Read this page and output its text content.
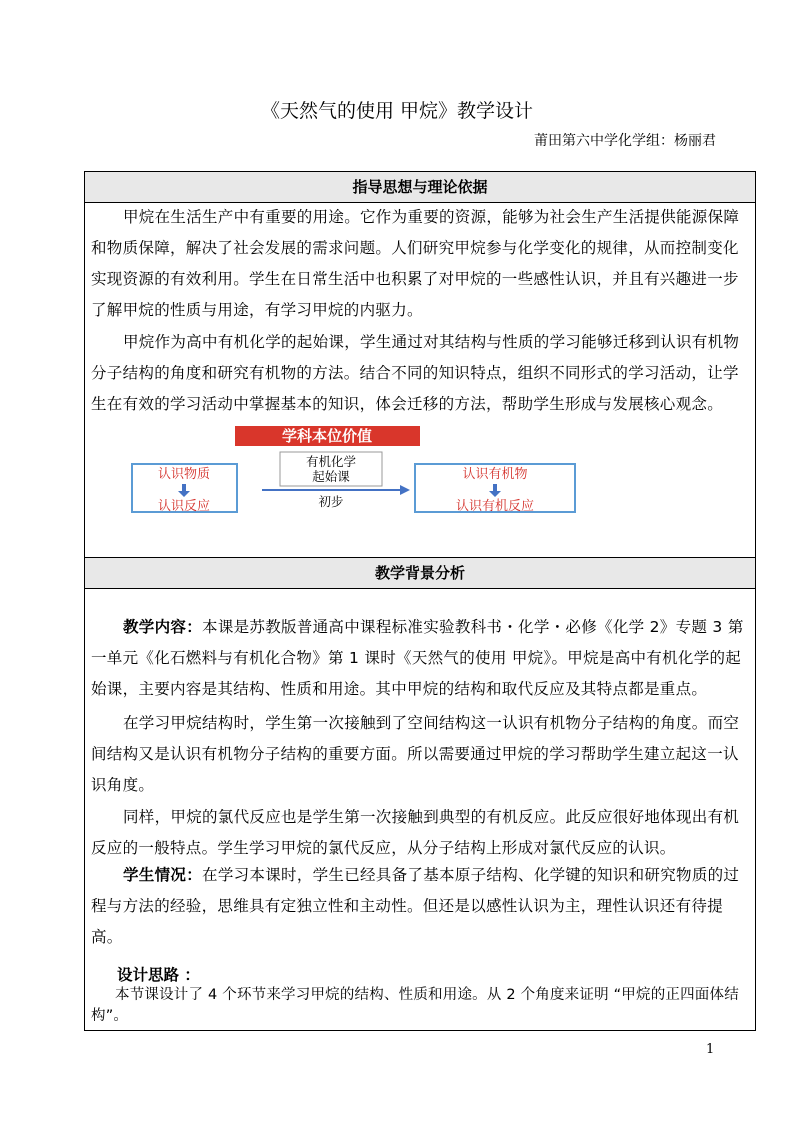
《天然气的使用 甲烷》教学设计
莆田第六中学化学组：杨丽君
指导思想与理论依据
甲烷在生活生产中有重要的用途。它作为重要的资源，能够为社会生产生活提供能源保障和物质保障，解决了社会发展的需求问题。人们研究甲烷参与化学变化的规律，从而控制变化实现资源的有效利用。学生在日常生活中也积累了对甲烷的一些感性认识，并且有兴趣进一步了解甲烷的性质与用途，有学习甲烷的内驱力。
甲烷作为高中有机化学的起始课，学生通过对其结构与性质的学习能够迁移到认识有机物分子结构的角度和研究有机物的方法。结合不同的知识特点，组织不同形式的学习活动，让学生在有效的学习活动中掌握基本的知识，体会迁移的方法，帮助学生形成与发展核心观念。
学科本位价值
认识物质
认识反应
有机化学
起始课
初步
认识有机物
认识有机反应
教学背景分析
教学内容：本课是苏教版普通高中课程标准实验教科书・化学・必修《化学 2》专题 3 第一单元《化石燃料与有机化合物》第 1 课时《天然气的使用 甲烷》。甲烷是高中有机化学的起始课，主要内容是其结构、性质和用途。其中甲烷的结构和取代反应及其特点都是重点。
在学习甲烷结构时，学生第一次接触到了空间结构这一认识有机物分子结构的角度。而空间结构又是认识有机物分子结构的重要方面。所以需要通过甲烷的学习帮助学生建立起这一认识角度。
同样，甲烷的氯代反应也是学生第一次接触到典型的有机反应。此反应很好地体现出有机反应的一般特点。学生学习甲烷的氯代反应，从分子结构上形成对氯代反应的认识。
学生情况：在学习本课时，学生已经具备了基本原子结构、化学键的知识和研究物质的过程与方法的经验，思维具有定独立性和主动性。但还是以感性认识为主，理性认识还有待提高。
设计思路 ：
本节课设计了 4 个环节来学习甲烷的结构、性质和用途。从 2 个角度来证明 “甲烷的正四面体结构”。
1
